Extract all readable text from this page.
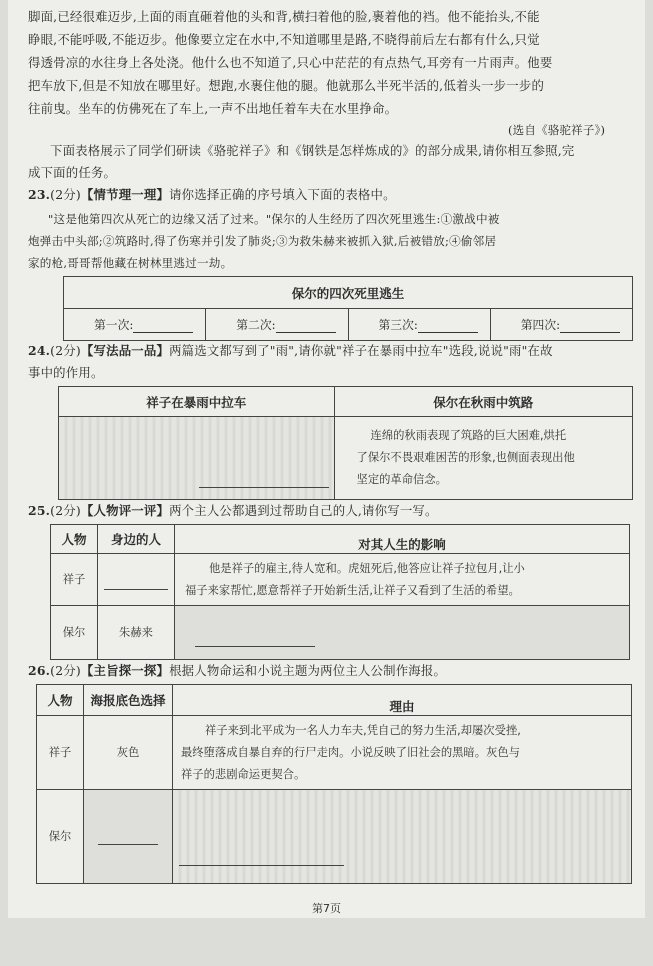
脚面,已经很难迈步,上面的雨直砸着他的头和背,横扫着他的脸,裹着他的裆。他不能抬头,不能

睁眼,不能呼吸,不能迈步。他像要立定在水中,不知道哪里是路,不晓得前后左右都有什么,只觉

得透骨凉的水往身上各处浇。他什么也不知道了,只心中茫茫的有点热气,耳旁有一片雨声。他要

把车放下,但是不知放在哪里好。想跑,水裹住他的腿。他就那么半死半活的,低着头一步一步的

往前曳。坐车的仿佛死在了车上,一声不出地任着车夫在水里挣命。

(选自《骆驼祥子》)

下面表格展示了同学们研读《骆驼祥子》和《钢铁是怎样炼成的》的部分成果,请你相互参照,完

成下面的任务。

23.(2分)【情节理一理】请你选择正确的序号填入下面的表格中。

"这是他第四次从死亡的边缘又活了过来。"保尔的人生经历了四次死里逃生:①激战中被

炮弹击中头部;②筑路时,得了伤寒并引发了肺炎;③为救朱赫来被抓入狱,后被错放;④偷邻居

家的枪,哥哥帮他藏在树林里逃过一劫。

保尔的四次死里逃生
第一次:	第二次:	第三次:	第四次:

24.(2分)【写法品一品】两篇选文都写到了"雨",请你就"祥子在暴雨中拉车"选段,说说"雨"在故

事中的作用。

祥子在暴雨中拉车	保尔在秋雨中筑路

	连绵的秋雨表现了筑路的巨大困难,烘托
了保尔不畏艰难困苦的形象,也侧面表现出他
坚定的革命信念。

25.(2分)【人物评一评】两个主人公都遇到过帮助自己的人,请你写一写。

人物	身边的人	对其人生的影响
祥子		他是祥子的雇主,待人宽和。虎妞死后,他答应让祥子拉包月,让小
福子来家帮忙,愿意帮祥子开始新生活,让祥子又看到了生活的希望。

保尔	朱赫来	

26.(2分)【主旨探一探】根据人物命运和小说主题为两位主人公制作海报。

人物	海报底色选择	理由
祥子	灰色	祥子来到北平成为一名人力车夫,凭自己的努力生活,却屡次受挫,
最终堕落成自暴自弃的行尸走肉。小说反映了旧社会的黑暗。灰色与
祥子的悲剧命运更契合。

保尔	

第7页
